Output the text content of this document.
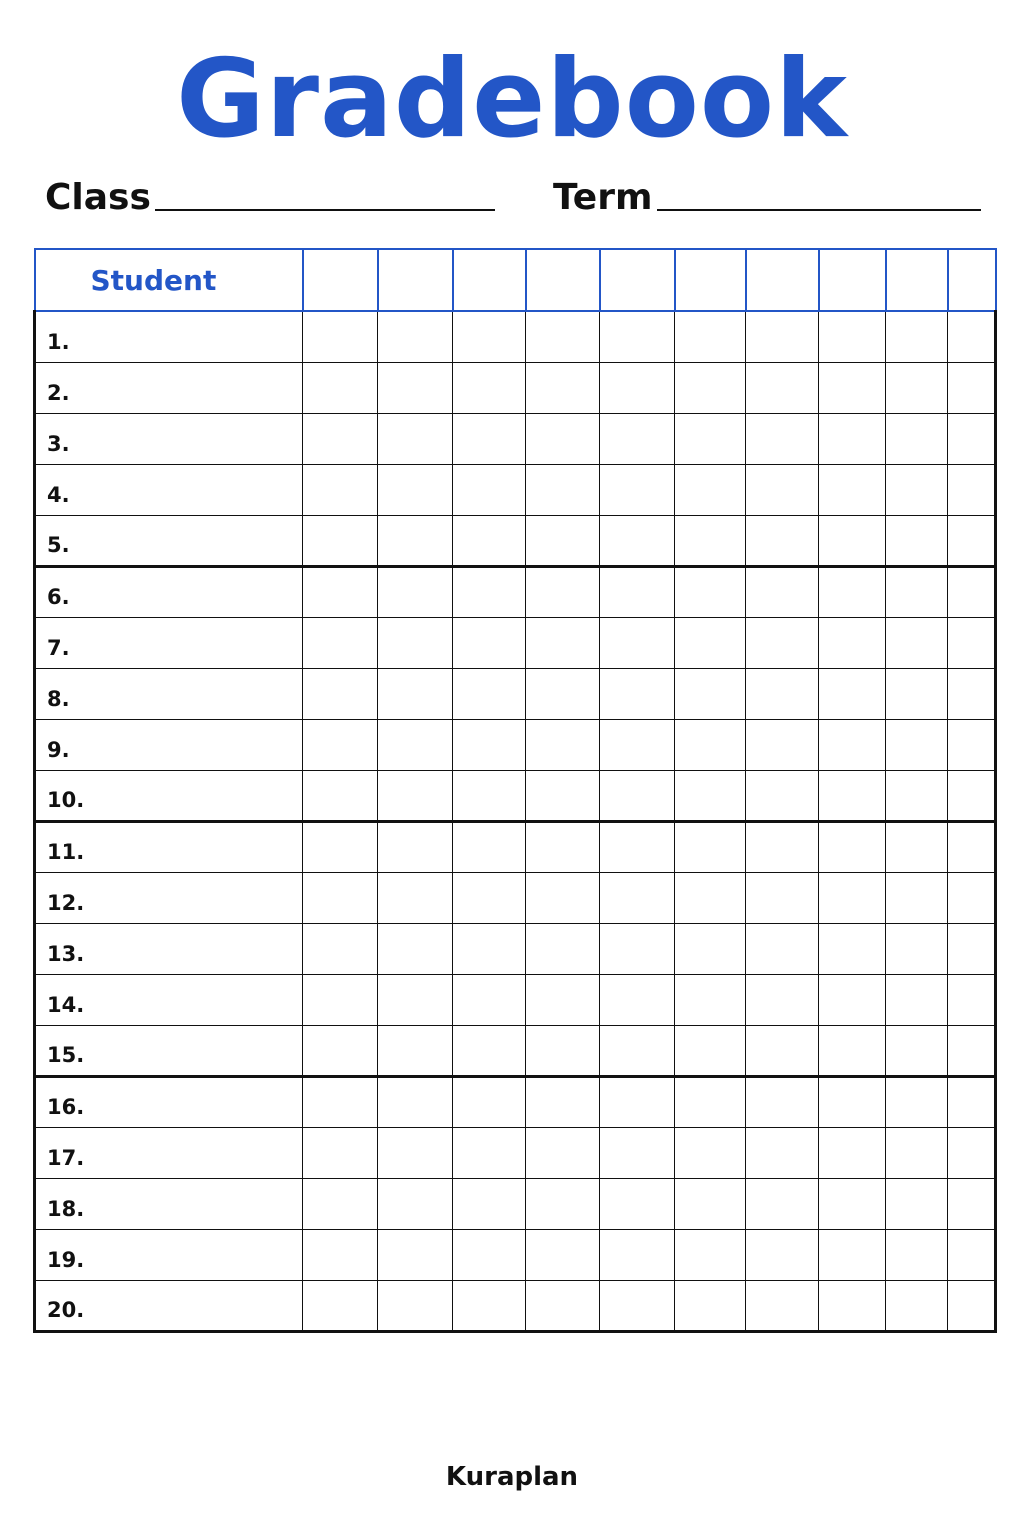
Gradebook
Class	Term
Student										
1.										
2.										
3.										
4.										
5.										
6.										
7.										
8.										
9.										
10.										
11.										
12.										
13.										
14.										
15.										
16.										
17.										
18.										
19.										
20.										
Kuraplan
